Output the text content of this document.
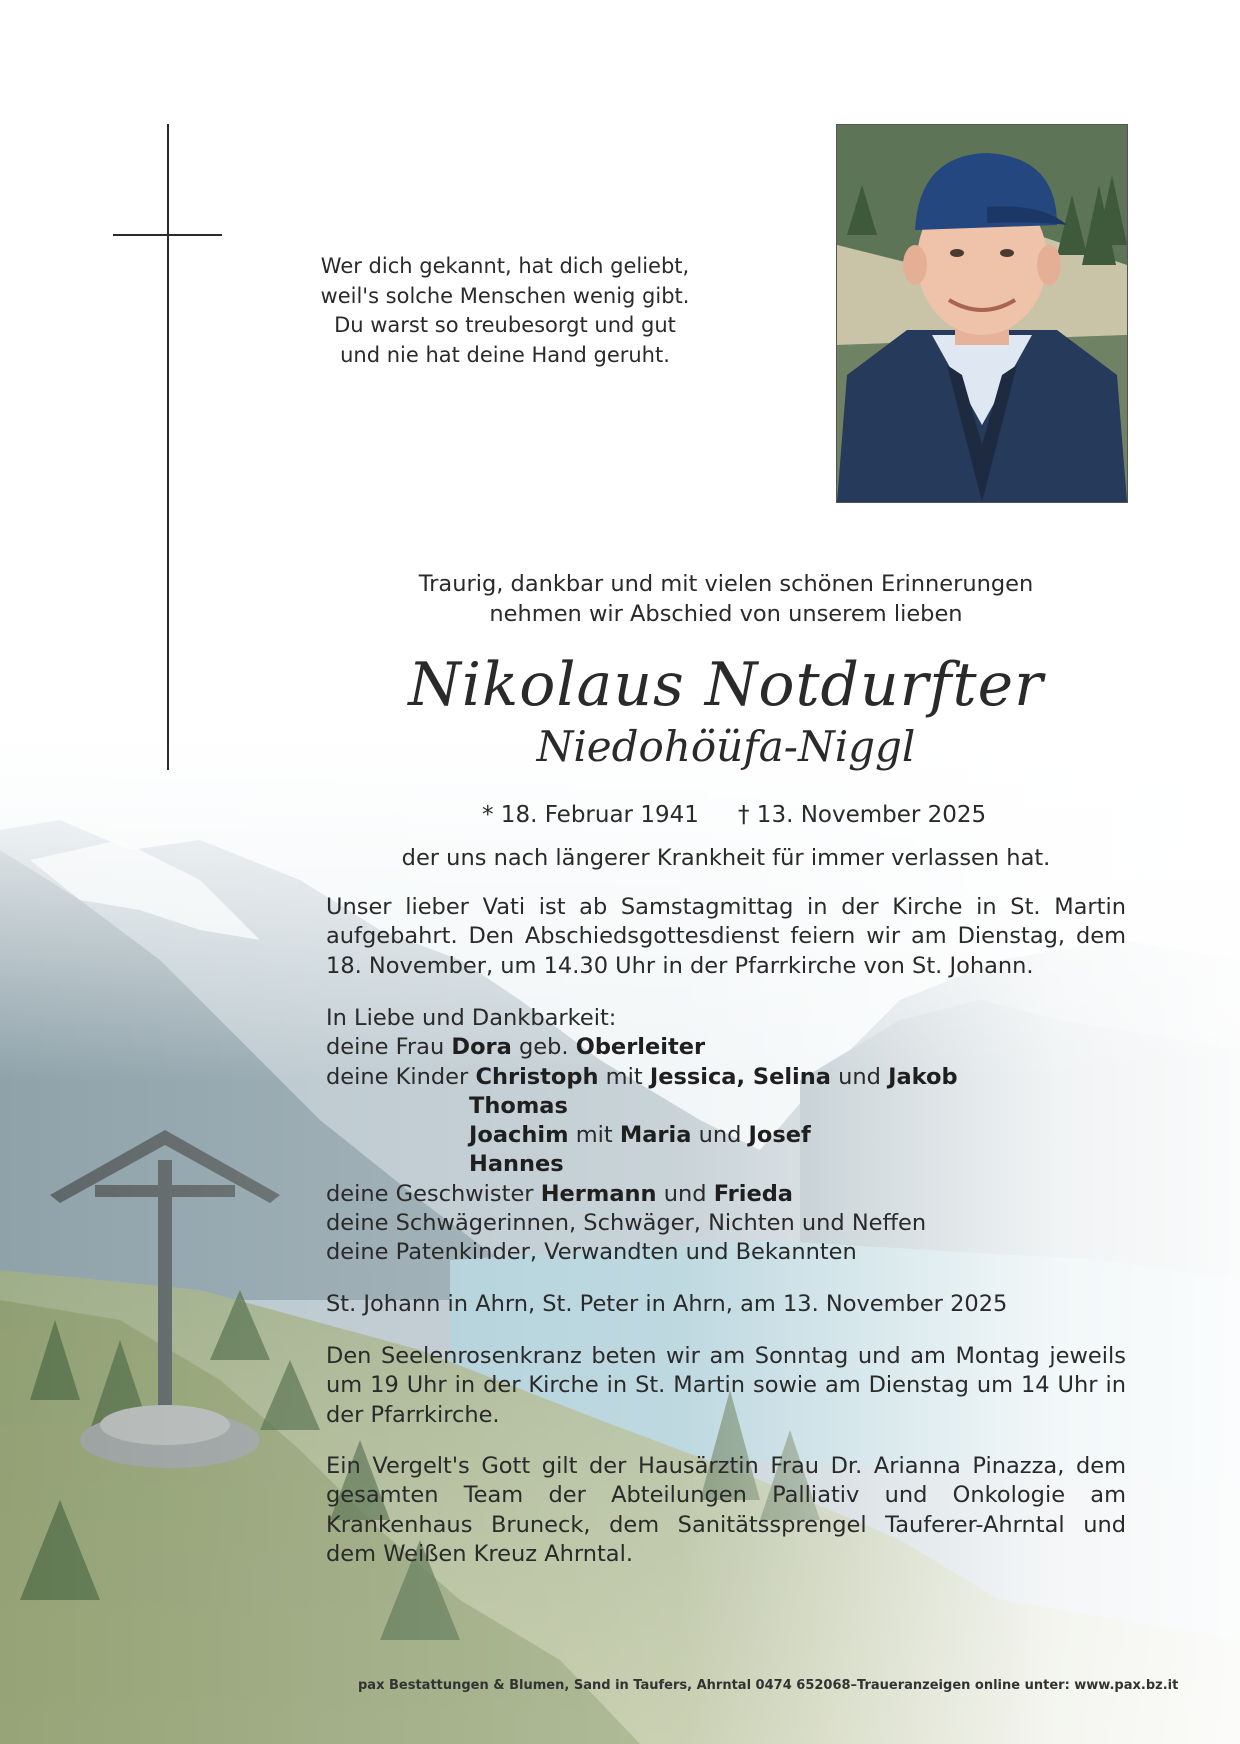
Wer dich gekannt, hat dich geliebt,
weil's solche Menschen wenig gibt.
Du warst so treubesorgt und gut
und nie hat deine Hand geruht.
Traurig, dankbar und mit vielen schönen Erinnerungen
nehmen wir Abschied von unserem lieben
Nikolaus Notdurfter
Niedohöüfa-Niggl
* 18. Februar 1941 † 13. November 2025
der uns nach längerer Krankheit für immer verlassen hat.
Unser lieber Vati ist ab Samstagmittag in der Kirche in St. Martin aufgebahrt. Den Abschiedsgottesdienst feiern wir am Dienstag, dem 18. November, um 14.30 Uhr in der Pfarrkirche von St. Johann.
In Liebe und Dankbarkeit:
deine Frau Dora geb. Oberleiter
deine Kinder Christoph mit Jessica, Selina und Jakob
Thomas
Joachim mit Maria und Josef
Hannes
deine Geschwister Hermann und Frieda
deine Schwägerinnen, Schwäger, Nichten und Neffen
deine Patenkinder, Verwandten und Bekannten
St. Johann in Ahrn, St. Peter in Ahrn, am 13. November 2025
Den Seelenrosenkranz beten wir am Sonntag und am Montag jeweils um 19 Uhr in der Kirche in St. Martin sowie am Dienstag um 14 Uhr in der Pfarrkirche.
Ein Vergelt's Gott gilt der Hausärztin Frau Dr. Arianna Pinazza, dem gesamten Team der Abteilungen Palliativ und Onkologie am Krankenhaus Bruneck, dem Sanitätssprengel Tauferer-Ahrntal und dem Weißen Kreuz Ahrntal.
pax Bestattungen & Blumen, Sand in Taufers, Ahrntal 0474 652068–Traueranzeigen online unter: www.pax.bz.it
